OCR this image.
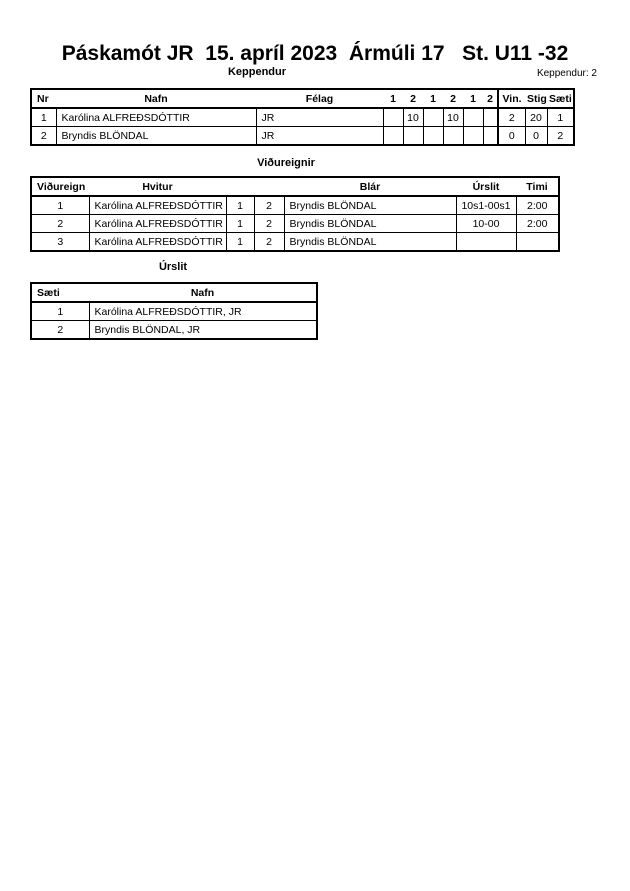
Páskamót JR  15. apríl 2023  Ármúli 17   St. U11 -32
Keppendur	Keppendur: 2
Nr	Nafn	Félag	1	2	1	2	1	2	Vin.	Stig	Sæti
1	Karólina ALFREÐSDÓTTIR	JR		10		10			2	20	1
2	Bryndis BLÖNDAL	JR							0	0	2
Viðureignir
Viðureign	Hvitur			Blár	Úrslit	Timi
1	Karólina ALFREÐSDÓTTIR	1	2	Bryndis BLÖNDAL	10s1-00s1	2:00
2	Karólina ALFREÐSDÓTTIR	1	2	Bryndis BLÖNDAL	10-00	2:00
3	Karólina ALFREÐSDÓTTIR	1	2	Bryndis BLÖNDAL		
Úrslit
Sæti	Nafn
1	Karólina ALFREÐSDÓTTIR, JR
2	Bryndis BLÖNDAL, JR
